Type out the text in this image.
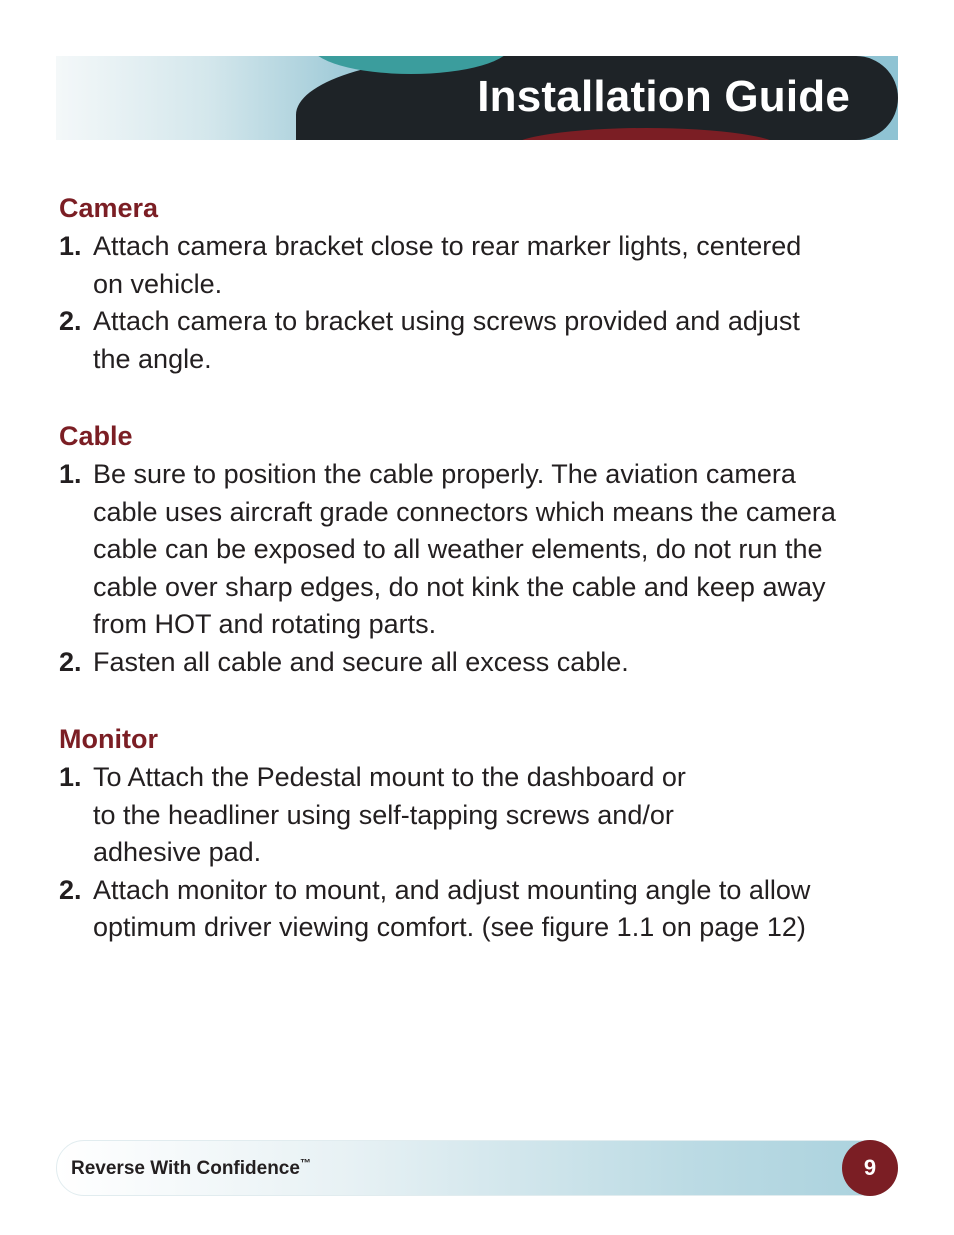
Installation Guide
Camera
1. Attach camera bracket close to rear marker lights, centered
on vehicle.
2. Attach camera to bracket using screws provided and adjust
the angle.
Cable
1. Be sure to position the cable properly. The aviation camera
cable uses aircraft grade connectors which means the camera
cable can be exposed to all weather elements, do not run the
cable over sharp edges, do not kink the cable and keep away
from HOT and rotating parts.
2. Fasten all cable and secure all excess cable.
Monitor
1. To Attach the Pedestal mount to the dashboard or
to the headliner using self-tapping screws and/or
adhesive pad.
2. Attach monitor to mount, and adjust mounting angle to allow
optimum driver viewing comfort. (see figure 1.1 on page 12)
Reverse With Confidence™	9
